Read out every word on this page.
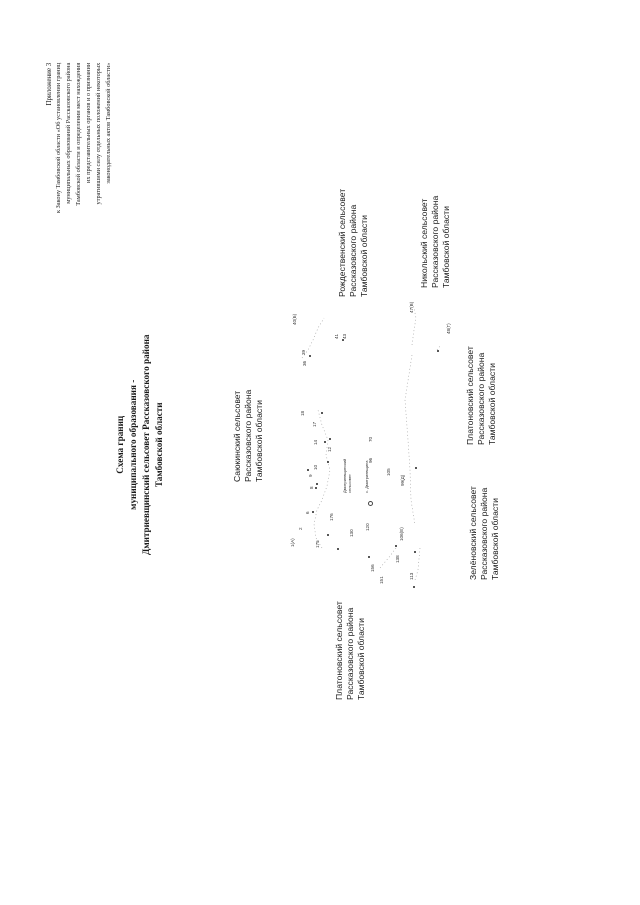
Приложение 3 к Закону Тамбовской области «Об установлении границ муниципальных образований Рассказовского района Тамбовской области и определении мест нахождения их представительных органов и о признании утратившими силу отдельных положений некоторых законодательных актов Тамбовской области»
Схема границ муниципального образования - Дмитриевщинский сельсовет Рассказовского района Тамбовской области	Саюкинский сельсовет Рассказовского района Тамбовской области
Рождественский сельсовет Рассказовского района Тамбовской области	Никольский сельсовет Рассказовского района Тамбовской области
Платоновский сельсовет Рассказовского района Тамбовской области
Платоновский сельсовет Рассказовского района Тамбовской области
Зелёновский сельсовет Рассказовского района Тамбовской области
1(А)
2
6
8
9
10
14
17
12
18
36
39
40(Б)
41 43
47(В)
48(Г)
70
96
99(Д)
105
120
130
138
151
156
113
106(Е)
175
176
Дмитриевщинский сельсовет	с. Дмитриевщина
